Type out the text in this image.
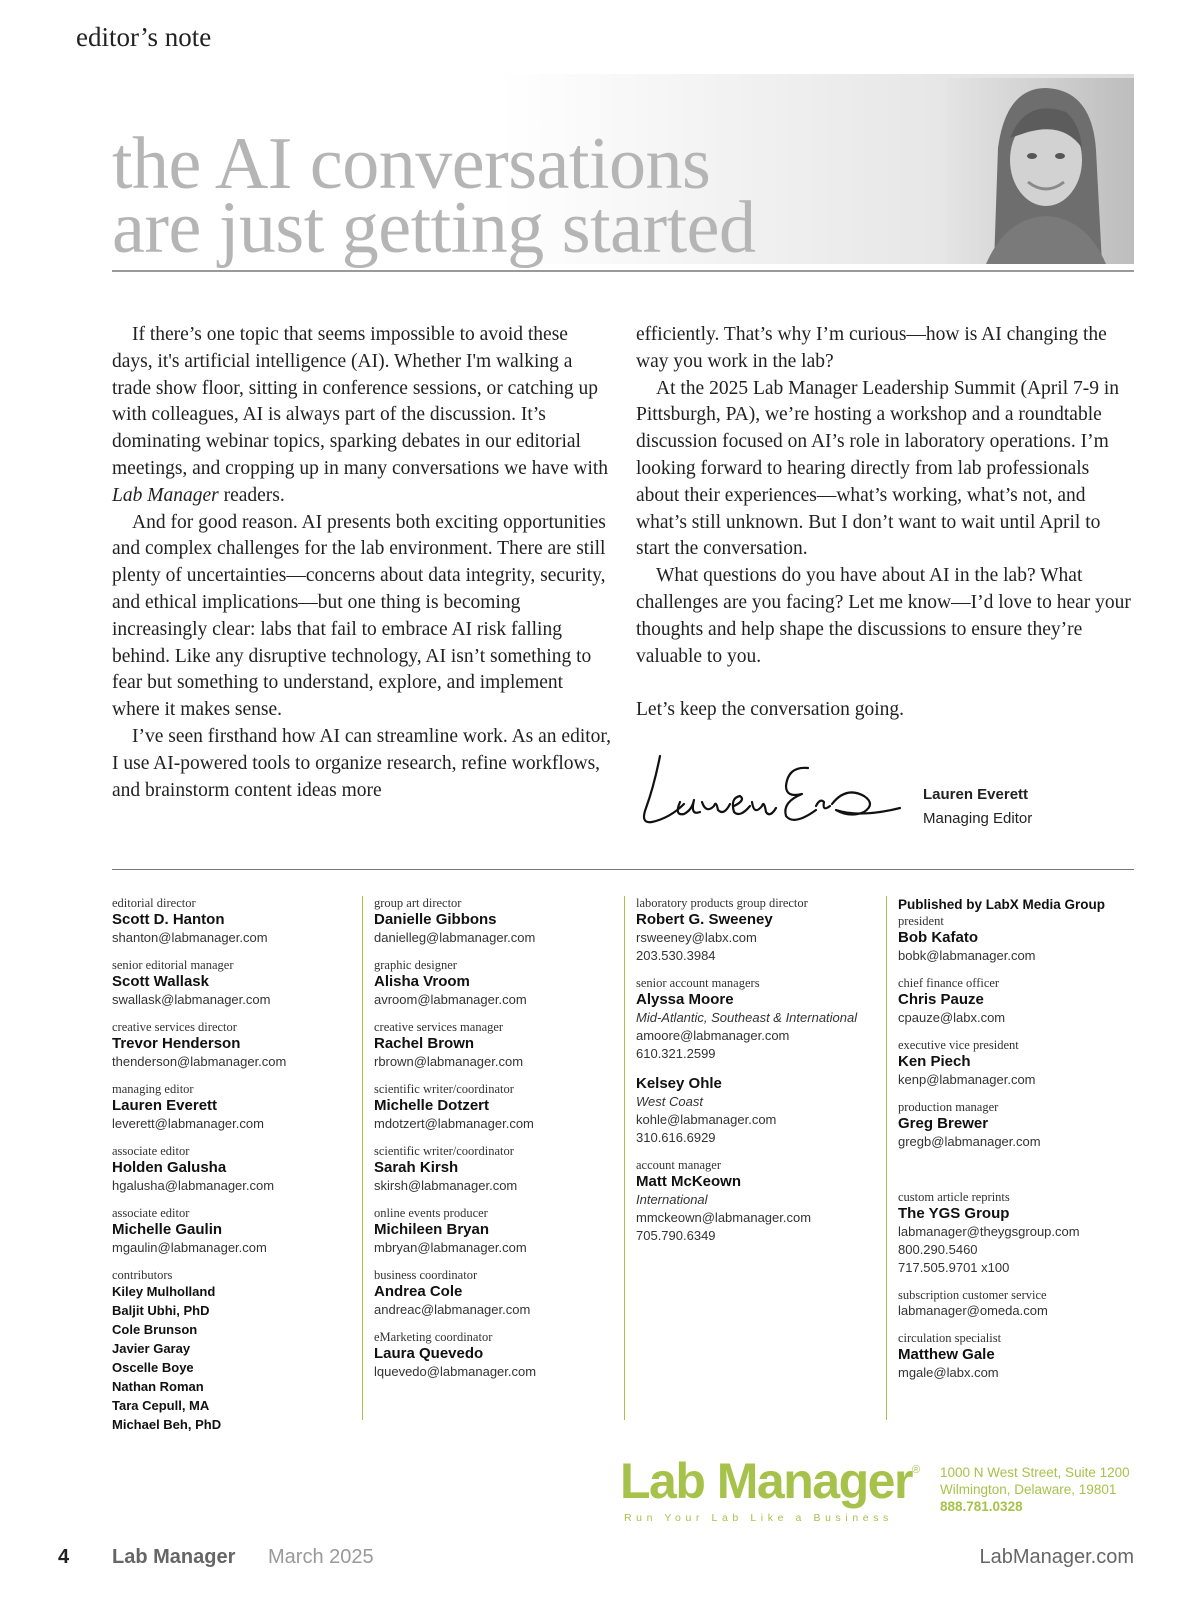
editor’s note
the AI conversations
are just getting started

If there’s one topic that seems impossible to avoid these days, it's artificial intelligence (AI). Whether I'm walking a trade show floor, sitting in conference sessions, or catching up with colleagues, AI is always part of the discussion. It’s dominating webinar topics, sparking debates in our editorial meetings, and cropping up in many conversations we have with Lab Manager readers.

And for good reason. AI presents both exciting opportunities and complex challenges for the lab environment. There are still plenty of uncertainties—concerns about data integrity, security, and ethical implications—but one thing is becoming increasingly clear: labs that fail to embrace AI risk falling behind. Like any disruptive technology, AI isn’t something to fear but something to understand, explore, and implement where it makes sense.

I’ve seen firsthand how AI can streamline work. As an editor, I use AI-powered tools to organize research, refine workflows, and brainstorm content ideas more

efficiently. That’s why I’m curious—how is AI changing the way you work in the lab?

At the 2025 Lab Manager Leadership Summit (April 7-9 in Pittsburgh, PA), we’re hosting a workshop and a roundtable discussion focused on AI’s role in laboratory operations. I’m looking forward to hearing directly from lab professionals about their experiences—what’s working, what’s not, and what’s still unknown. But I don’t want to wait until April to start the conversation.

What questions do you have about AI in the lab? What challenges are you facing? Let me know—I’d love to hear your thoughts and help shape the discussions to ensure they’re valuable to you.

Let’s keep the conversation going.

Lauren Everett
Managing Editor
editorial director
Scott D. Hanton
shanton@labmanager.com
senior editorial manager
Scott Wallask
swallask@labmanager.com
creative services director
Trevor Henderson
thenderson@labmanager.com
managing editor
Lauren Everett
leverett@labmanager.com
associate editor
Holden Galusha
hgalusha@labmanager.com
associate editor
Michelle Gaulin
mgaulin@labmanager.com
contributors
Kiley Mulholland
Baljit Ubhi, PhD
Cole Brunson
Javier Garay
Oscelle Boye
Nathan Roman
Tara Cepull, MA
Michael Beh, PhD
group art director
Danielle Gibbons
danielleg@labmanager.com
graphic designer
Alisha Vroom
avroom@labmanager.com
creative services manager
Rachel Brown
rbrown@labmanager.com
scientific writer/coordinator
Michelle Dotzert
mdotzert@labmanager.com
scientific writer/coordinator
Sarah Kirsh
skirsh@labmanager.com
online events producer
Michileen Bryan
mbryan@labmanager.com
business coordinator
Andrea Cole
andreac@labmanager.com
eMarketing coordinator
Laura Quevedo
lquevedo@labmanager.com
laboratory products group director
Robert G. Sweeney
rsweeney@labx.com
203.530.3984
senior account managers
Alyssa Moore
Mid-Atlantic, Southeast & International
amoore@labmanager.com
610.321.2599
Kelsey Ohle
West Coast
kohle@labmanager.com
310.616.6929
account manager
Matt McKeown
International
mmckeown@labmanager.com
705.790.6349
Published by LabX Media Group
president
Bob Kafato
bobk@labmanager.com
chief finance officer
Chris Pauze
cpauze@labx.com
executive vice president
Ken Piech
kenp@labmanager.com
production manager
Greg Brewer
gregb@labmanager.com
custom article reprints
The YGS Group
labmanager@theygsgroup.com
800.290.5460
717.505.9701 x100
subscription customer service
labmanager@omeda.com
circulation specialist
Matthew Gale
mgale@labx.com
Lab Manager ®
Run Your Lab Like a Business
1000 N West Street, Suite 1200
Wilmington, Delaware, 19801
888.781.0328
4 Lab Manager March 2025	LabManager.com
